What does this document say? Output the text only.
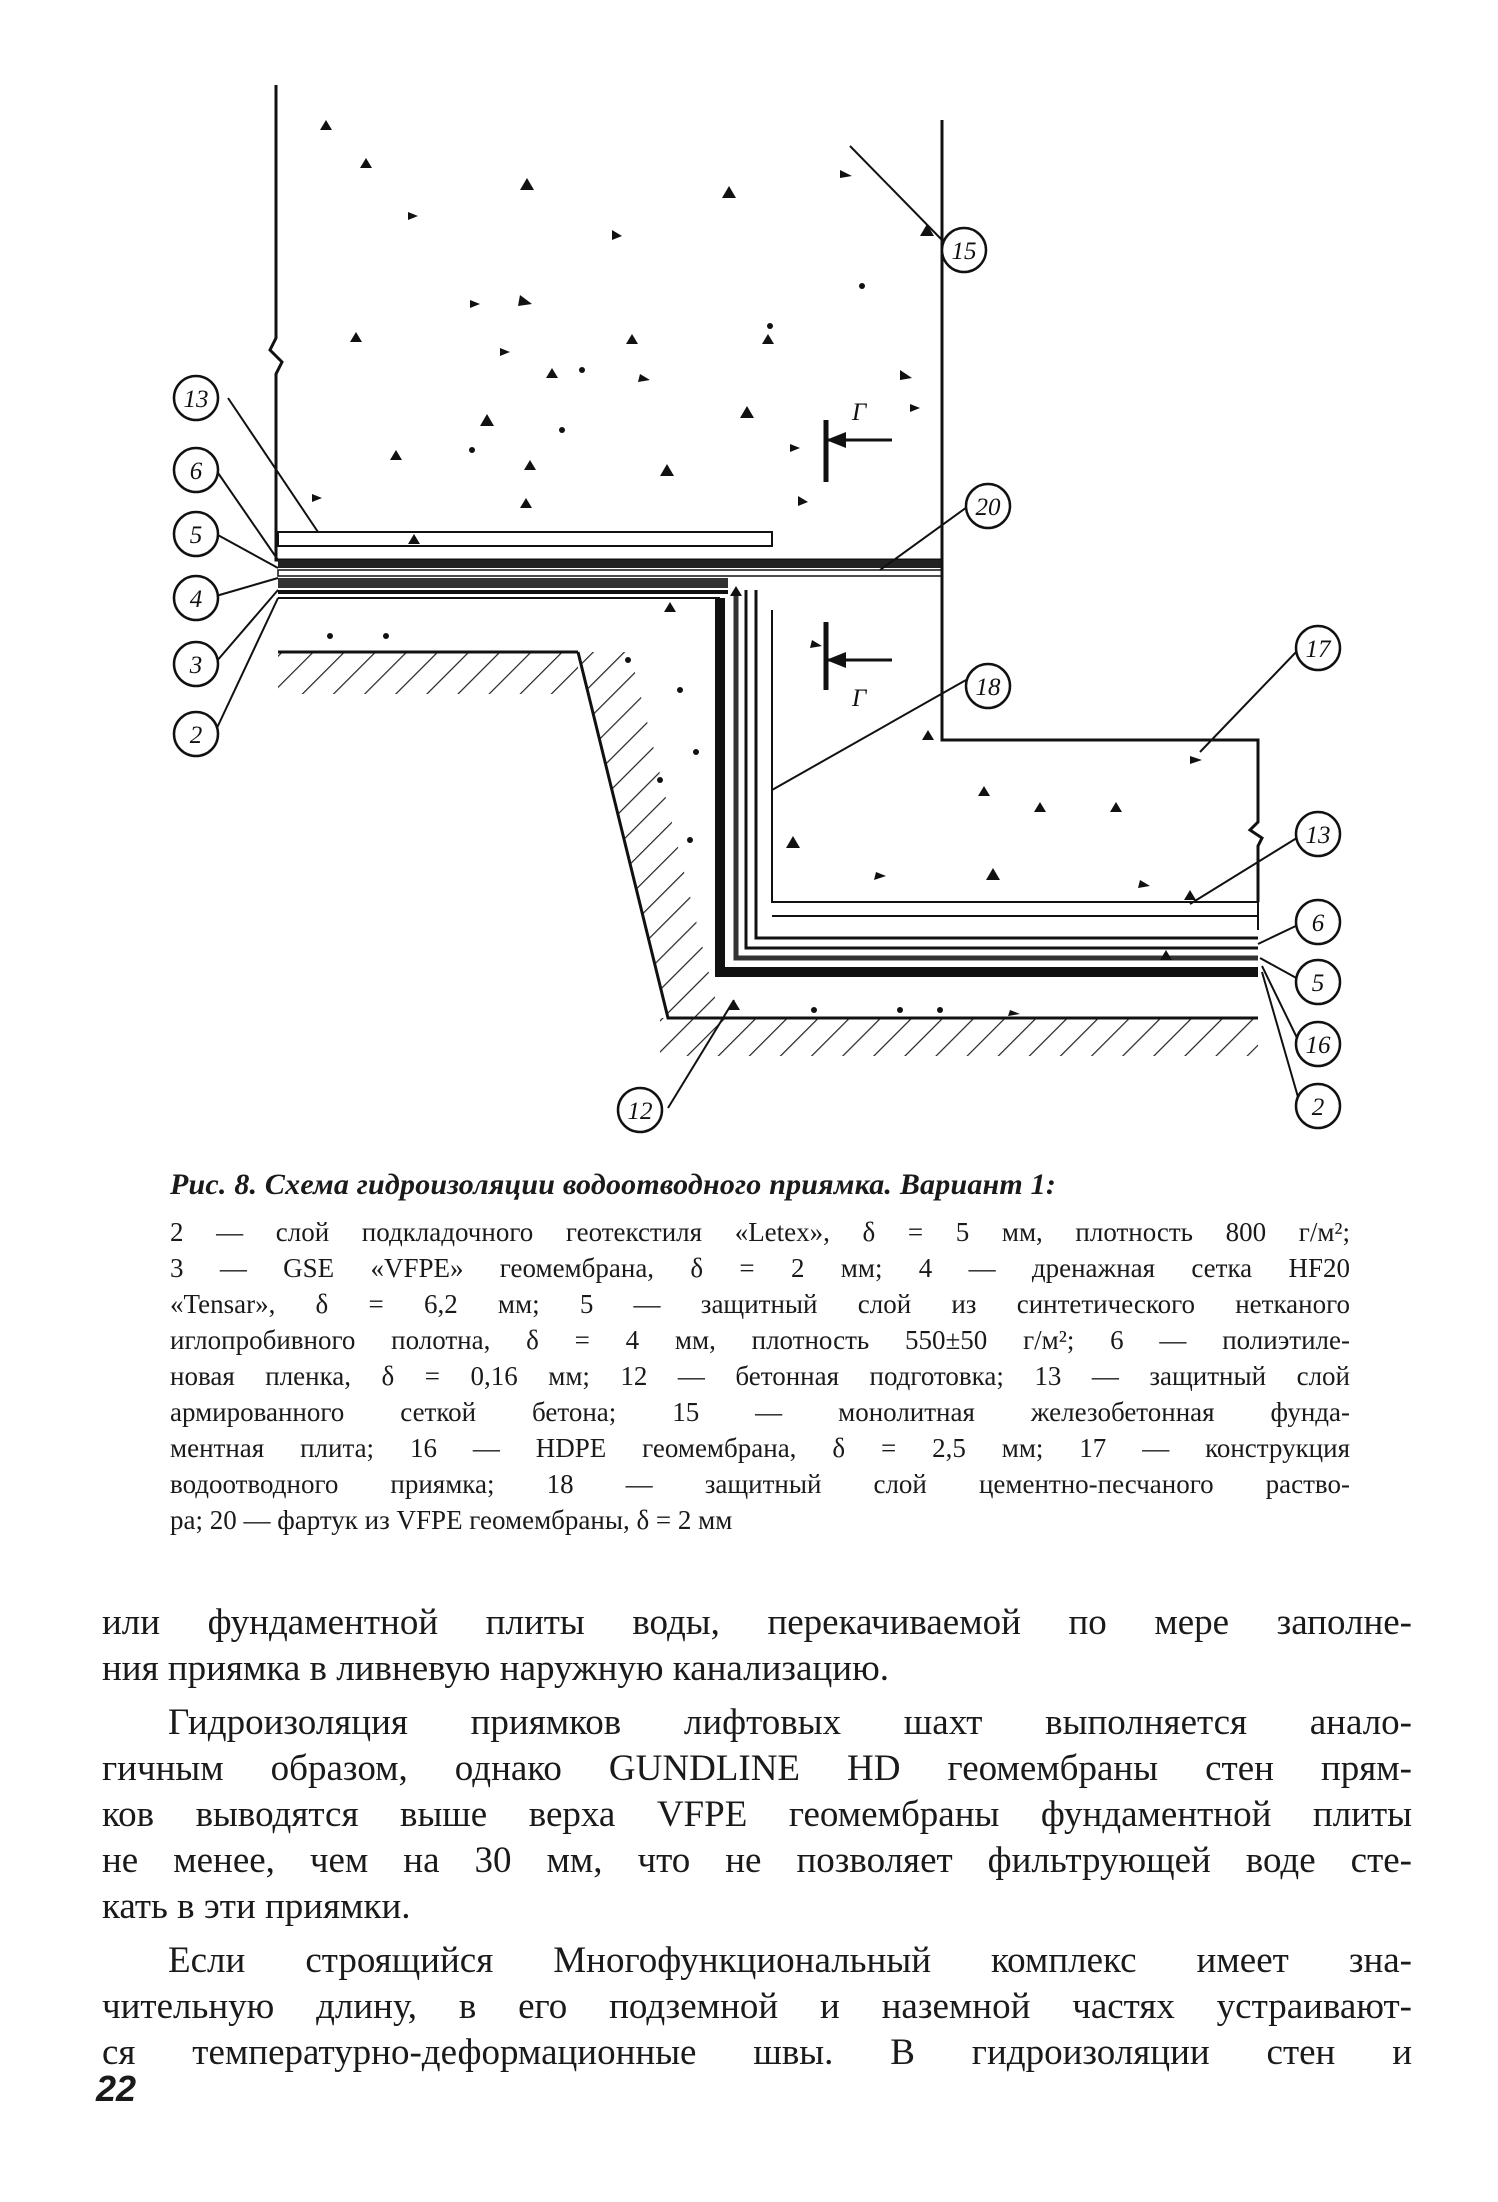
Г
Г
13
6
5
4
3
2
15
20
18
17
13
6
5
16
2
12
Рис. 8. Схема гидроизоляции водоотводного приямка. Вариант 1:
2 — слой подкладочного геотекстиля «Letex», δ = 5 мм, плотность 800 г/м²;
3 — GSE «VFPE» геомембрана, δ = 2 мм; 4 — дренажная сетка HF20
«Tensar», δ = 6,2 мм; 5 — защитный слой из синтетического нетканого
иглопробивного полотна, δ = 4 мм, плотность 550±50 г/м²; 6 — полиэтиле-
новая пленка, δ = 0,16 мм; 12 — бетонная подготовка; 13 — защитный слой
армированного сеткой бетона; 15 — монолитная железобетонная фунда-
ментная плита; 16 — HDPE геомембрана, δ = 2,5 мм; 17 — конструкция
водоотводного приямка; 18 — защитный слой цементно-песчаного раство-
ра; 20 — фартук из VFPE геомембраны, δ = 2 мм
или фундаментной плиты воды, перекачиваемой по мере заполне-
ния приямка в ливневую наружную канализацию.
Гидроизоляция приямков лифтовых шахт выполняется анало-
гичным образом, однако GUNDLINE HD геомембраны стен прям-
ков выводятся выше верха VFPE геомембраны фундаментной плиты
не менее, чем на 30 мм, что не позволяет фильтрующей воде сте-
кать в эти приямки.
Если строящийся Многофункциональный комплекс имеет зна-
чительную длину, в его подземной и наземной частях устраивают-
ся температурно-деформационные швы. В гидроизоляции стен и
22
